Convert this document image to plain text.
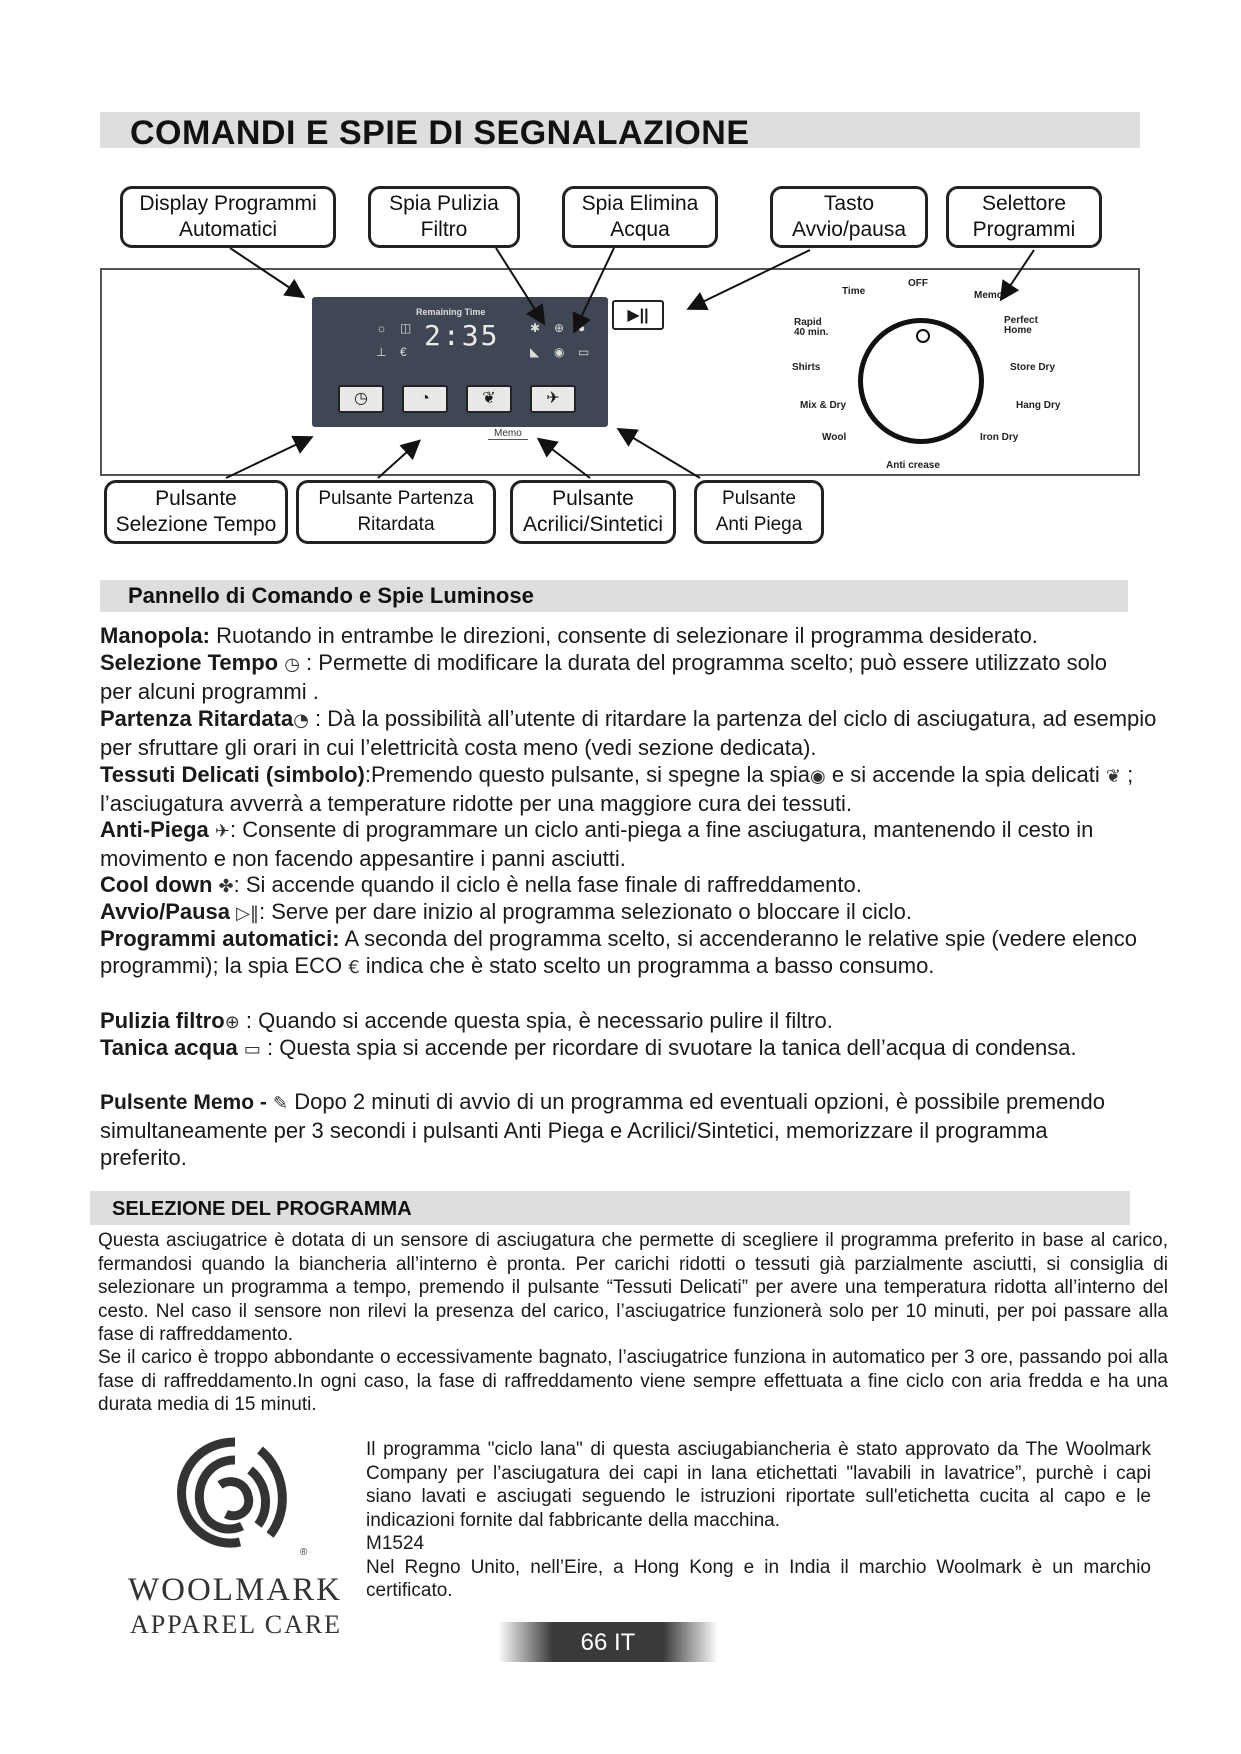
COMANDI E SPIE DI SEGNALAZIONE
Display Programmi
Automatici
Spia Pulizia
Filtro
Spia Elimina
Acqua
Tasto
Avvio/pausa
Selettore
Programmi
Remaining Time
☼ ◫
⊥ € 2:35	✱ ⊕ ●
◣ ◉ ▭
◷	◔	❦	✈
Memo
▶||
OFF
Time	Memo
Rapid
40 min.
Perfect
Home
Shirts	Store Dry
Mix & Dry	Hang Dry
Wool	Iron Dry
Anti crease
Pulsante
Selezione Tempo
Pulsante Partenza
Ritardata
Pulsante
Acrilici/Sintetici
Pulsante
Anti Piega
Pannello di Comando e Spie Luminose
Manopola: Ruotando in entrambe le direzioni, consente di selezionare il programma desiderato.
Selezione Tempo ◷ : Permette di modificare la durata del programma scelto; può essere utilizzato solo per alcuni programmi .
Partenza Ritardata◔ : Dà la possibilità all’utente di ritardare la partenza del ciclo di asciugatura, ad esempio per sfruttare gli orari in cui l’elettricità costa meno (vedi sezione dedicata).
Tessuti Delicati (simbolo):Premendo questo pulsante, si spegne la spia◉ e si accende la spia delicati ❦ ; l’asciugatura avverrà a temperature ridotte per una maggiore cura dei tessuti.
Anti-Piega ✈: Consente di programmare un ciclo anti-piega a fine asciugatura, mantenendo il cesto in movimento e non facendo appesantire i panni asciutti.
Cool down ✤: Si accende quando il ciclo è nella fase finale di raffreddamento.
Avvio/Pausa ▷‖: Serve per dare inizio al programma selezionato o bloccare il ciclo.
Programmi automatici: A seconda del programma scelto, si accenderanno le relative spie (vedere elenco programmi); la spia ECO € indica che è stato scelto un programma a basso consumo.
Pulizia filtro⊕ : Quando si accende questa spia, è necessario pulire il filtro.
Tanica acqua ▭ : Questa spia si accende per ricordare di svuotare la tanica dell’acqua di condensa.
Pulsente Memo - ✎ Dopo 2 minuti di avvio di un programma ed eventuali opzioni, è possibile premendo simultaneamente per 3 secondi i pulsanti Anti Piega e Acrilici/Sintetici, memorizzare il programma preferito.
SELEZIONE DEL PROGRAMMA
Questa asciugatrice è dotata di un sensore di asciugatura che permette di scegliere il programma preferito in base al carico, fermandosi quando la biancheria all’interno è pronta. Per carichi ridotti o tessuti già parzialmente asciutti, si consiglia di selezionare un programma a tempo, premendo il pulsante “Tessuti Delicati” per avere una temperatura ridotta all’interno del cesto. Nel caso il sensore non rilevi la presenza del carico, l’asciugatrice funzionerà solo per 10 minuti, per poi passare alla fase di raffreddamento.
Se il carico è troppo abbondante o eccessivamente bagnato, l’asciugatrice funziona in automatico per 3 ore, passando poi alla fase di raffreddamento.In ogni caso, la fase di raffreddamento viene sempre effettuata a fine ciclo con aria fredda e ha una durata media di 15 minuti.
®
WOOLMARK
APPAREL CARE
Il programma "ciclo lana" di questa asciugabiancheria è stato approvato da The Woolmark Company per l’asciugatura dei capi in lana etichettati "lavabili in lavatrice”, purchè i capi siano lavati e asciugati seguendo le istruzioni riportate sull'etichetta cucita al capo e le indicazioni fornite dal fabbricante della macchina.
M1524
Nel Regno Unito, nell’Eire, a Hong Kong e in India il marchio Woolmark è un marchio certificato.
66 IT
